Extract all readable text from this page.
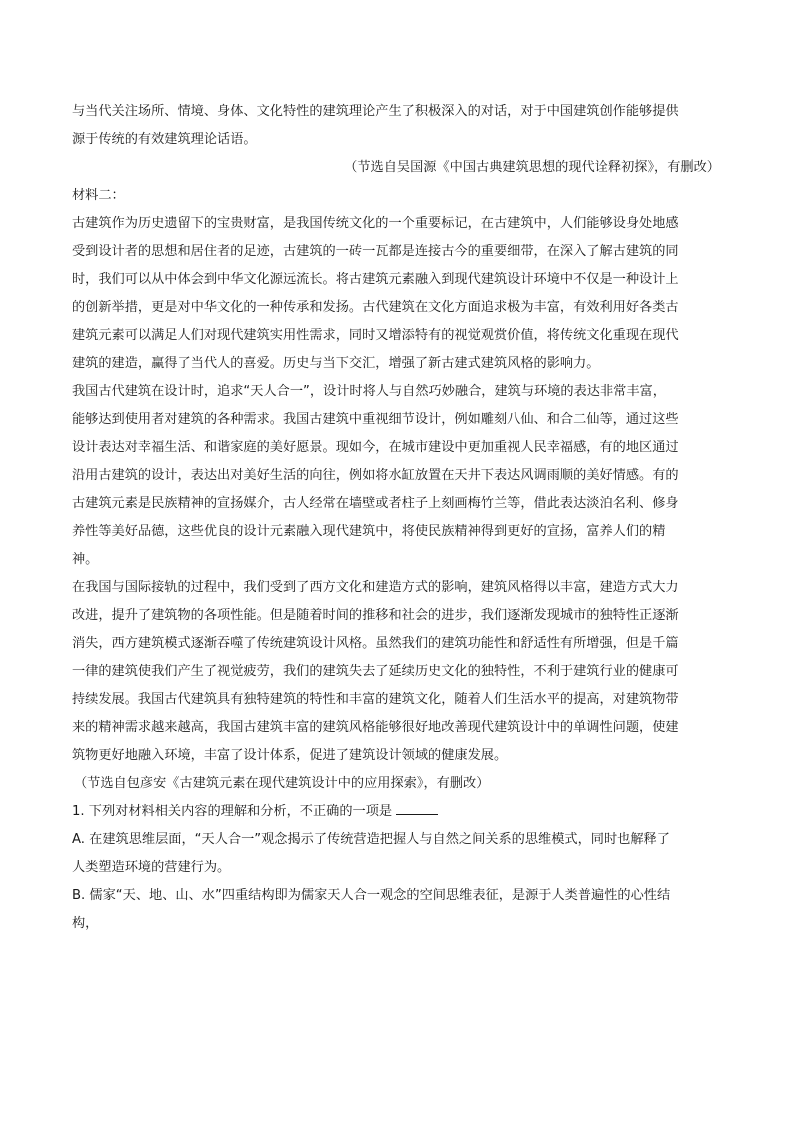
与当代关注场所、情境、身体、文化特性的建筑理论产生了积极深入的对话，对于中国建筑创作能够提供
源于传统的有效建筑理论话语。
（节选自吴国源《中国古典建筑思想的现代诠释初探》，有删改）
材料二：
古建筑作为历史遗留下的宝贵财富，是我国传统文化的一个重要标记，在古建筑中，人们能够设身处地感
受到设计者的思想和居住者的足迹，古建筑的一砖一瓦都是连接古今的重要细带，在深入了解古建筑的同
时，我们可以从中体会到中华文化源远流长。将古建筑元素融入到现代建筑设计环境中不仅是一种设计上
的创新举措，更是对中华文化的一种传承和发扬。古代建筑在文化方面追求极为丰富，有效利用好各类古
建筑元素可以满足人们对现代建筑实用性需求，同时又增添特有的视觉观赏价值，将传统文化重现在现代
建筑的建造，赢得了当代人的喜爱。历史与当下交汇，增强了新古建式建筑风格的影响力。
我国古代建筑在设计时，追求“天人合一”，设计时将人与自然巧妙融合，建筑与环境的表达非常丰富，
能够达到使用者对建筑的各种需求。我国古建筑中重视细节设计，例如雕刻八仙、和合二仙等，通过这些
设计表达对幸福生活、和谐家庭的美好愿景。现如今，在城市建设中更加重视人民幸福感，有的地区通过
沿用古建筑的设计，表达出对美好生活的向往，例如将水缸放置在天井下表达风调雨顺的美好情感。有的
古建筑元素是民族精神的宣扬媒介，古人经常在墙壁或者柱子上刻画梅竹兰等，借此表达淡泊名利、修身
养性等美好品德，这些优良的设计元素融入现代建筑中，将使民族精神得到更好的宣扬，富养人们的精
神。
在我国与国际接轨的过程中，我们受到了西方文化和建造方式的影响，建筑风格得以丰富，建造方式大力
改进，提升了建筑物的各项性能。但是随着时间的推移和社会的进步，我们逐渐发现城市的独特性正逐渐
消失，西方建筑模式逐渐吞噬了传统建筑设计风格。虽然我们的建筑功能性和舒适性有所增强，但是千篇
一律的建筑使我们产生了视觉疲劳，我们的建筑失去了延续历史文化的独特性，不利于建筑行业的健康可
持续发展。我国古代建筑具有独特建筑的特性和丰富的建筑文化，随着人们生活水平的提高，对建筑物带
来的精神需求越来越高，我国古建筑丰富的建筑风格能够很好地改善现代建筑设计中的单调性问题，使建
筑物更好地融入环境，丰富了设计体系，促进了建筑设计领域的健康发展。
（节选自包彦安《古建筑元素在现代建筑设计中的应用探索》，有删改）
1. 下列对材料相关内容的理解和分析，不正确的一项是
A. 在建筑思维层面，“天人合一”观念揭示了传统营造把握人与自然之间关系的思维模式，同时也解释了
人类塑造环境的营建行为。
B. 儒家“天、地、山、水”四重结构即为儒家天人合一观念的空间思维表征，是源于人类普遍性的心性结
构，
